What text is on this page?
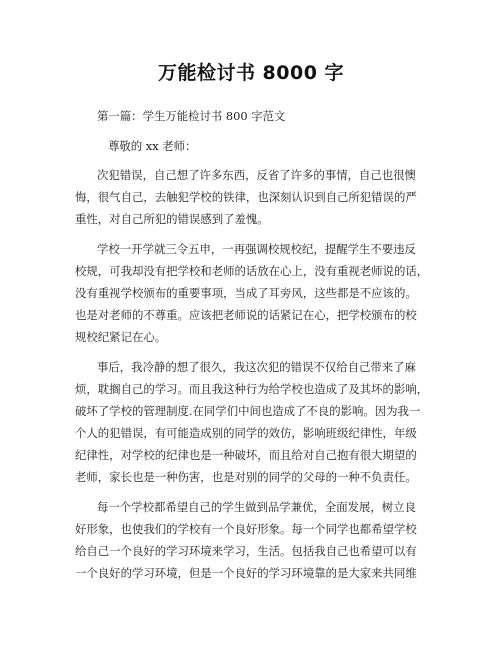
万能检讨书 8000 字
第一篇：学生万能检讨书 800 字范文
尊敬的 xx 老师：
次犯错误，自己想了许多东西，反省了许多的事情，自己也很懊
悔，很气自己，去触犯学校的铁律，也深刻认识到自己所犯错误的严
重性，对自己所犯的错误感到了羞愧。
学校一开学就三令五申，一再强调校规校纪，提醒学生不要违反
校规，可我却没有把学校和老师的话放在心上，没有重视老师说的话，
没有重视学校颁布的重要事项，当成了耳旁风，这些都是不应该的。
也是对老师的不尊重。应该把老师说的话紧记在心，把学校颁布的校
规校纪紧记在心。
事后，我冷静的想了很久，我这次犯的错误不仅给自己带来了麻
烦，耽搁自己的学习。而且我这种行为给学校也造成了及其坏的影响，
破坏了学校的管理制度.在同学们中间也造成了不良的影响。因为我一
个人的犯错误，有可能造成别的同学的效仿，影响班级纪律性，年级
纪律性，对学校的纪律也是一种破坏，而且给对自己抱有很大期望的
老师，家长也是一种伤害，也是对别的同学的父母的一种不负责任。
每一个学校都希望自己的学生做到品学兼优，全面发展，树立良
好形象，也使我们的学校有一个良好形象。每一个同学也都希望学校
给自己一个良好的学习环境来学习，生活。包括我自己也希望可以有
一个良好的学习环境，但是一个良好的学习环境靠的是大家来共同维
